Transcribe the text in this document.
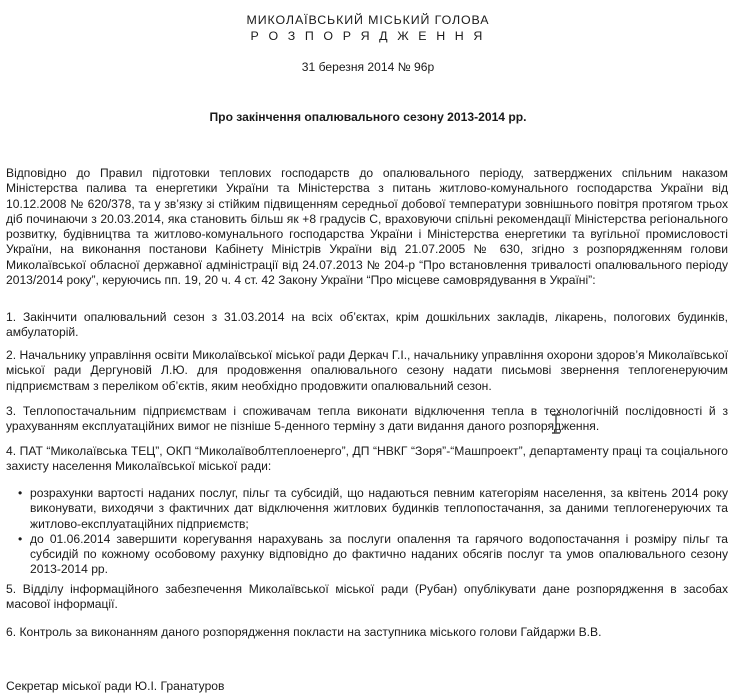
МИКОЛАЇВСЬКИЙ МІСЬКИЙ ГОЛОВА
Р О З П О Р Я Д Ж Е Н Н Я
31 березня 2014 № 96р
Про закінчення опалювального сезону 2013-2014 рр.

Відповідно до Правил підготовки теплових господарств до опалювального періоду, затверджених спільним наказом Міністерства палива та енергетики України та Міністерства з питань житлово-комунального господарства України від 10.12.2008 № 620/378, та у зв’язку зі стійким підвищенням середньої добової температури зовнішнього повітря протягом трьох діб починаючи з 20.03.2014, яка становить більш як +8 градусів С, враховуючи спільні рекомендації Міністерства регіонального розвитку, будівництва та житлово-комунального господарства України і Міністерства енергетики та вугільної промисловості України, на виконання постанови Кабінету Міністрів України від 21.07.2005 № 630, згідно з розпорядженням голови Миколаївської обласної державної адміністрації від 24.07.2013 № 204-р “Про встановлення тривалості опалювального періоду 2013/2014 року”, керуючись пп. 19, 20 ч. 4 ст. 42 Закону України “Про місцеве самоврядування в Україні”:

1. Закінчити опалювальний сезон з 31.03.2014 на всіх об’єктах, крім дошкільних закладів, лікарень, пологових будинків, амбулаторій.

2. Начальнику управління освіти Миколаївської міської ради Деркач Г.І., начальнику управління охорони здоров’я Миколаївської міської ради Дергуновій Л.Ю. для продовження опалювального сезону надати письмові звернення теплогенеруючим підприємствам з переліком об’єктів, яким необхідно продовжити опалювальний сезон.

3. Теплопостачальним підприємствам і споживачам тепла виконати відключення тепла в технологічній послідовності й з урахуванням експлуатаційних вимог не пізніше 5-денного терміну з дати видання даного розпорядження.

4. ПАТ “Миколаївська ТЕЦ”, ОКП “Миколаївоблтеплоенерго”, ДП “НВКГ “Зоря”-“Машпроект”, департаменту праці та соціального захисту населення Миколаївської міської ради:

• розрахунки вартості наданих послуг, пільг та субсидій, що надаються певним категоріям населення, за квітень 2014 року виконувати, виходячи з фактичних дат відключення житлових будинків теплопостачання, за даними теплогенеруючих та житлово-експлуатаційних підприємств;
• до 01.06.2014 завершити корегування нарахувань за послуги опалення та гарячого водопостачання і розміру пільг та субсидій по кожному особовому рахунку відповідно до фактично наданих обсягів послуг та умов опалювального сезону 2013-2014 рр.

5. Відділу інформаційного забезпечення Миколаївської міської ради (Рубан) опублікувати дане розпорядження в засобах масової інформації.

6. Контроль за виконанням даного розпорядження покласти на заступника міського голови Гайдаржи В.В.

Секретар міської ради Ю.І. Гранатуров
